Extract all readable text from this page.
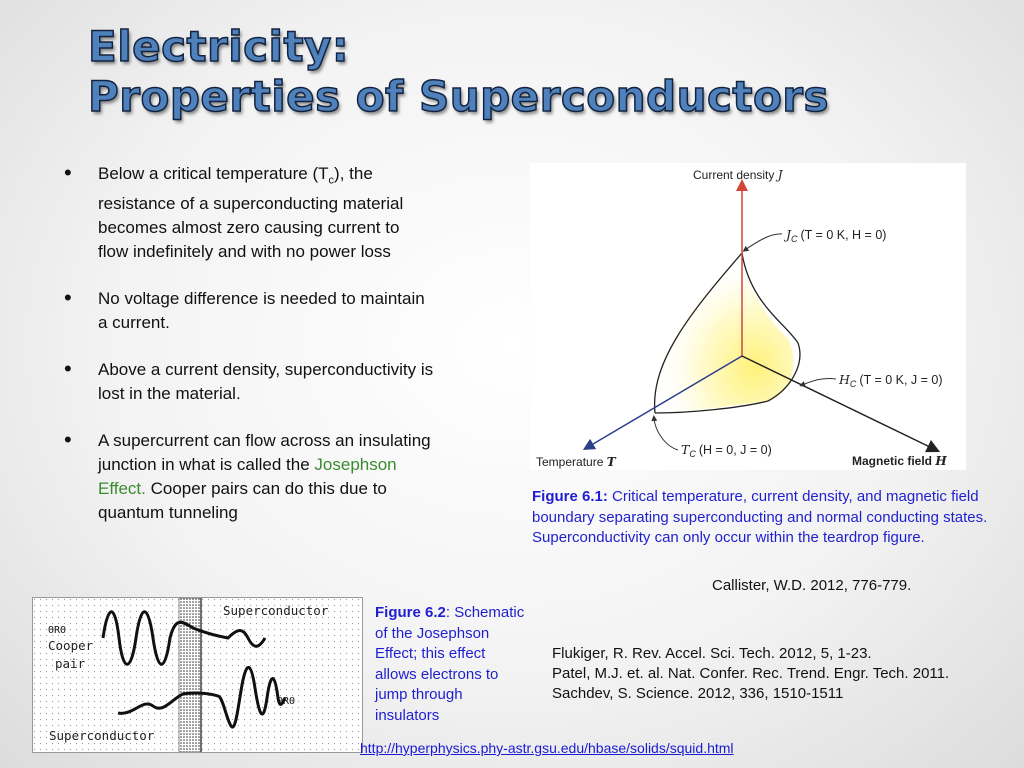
Electricity:
Properties of Superconductors
• Below a critical temperature $(T_c)$, the resistance of a superconducting material becomes almost zero causing current to flow indefinitely and with no power loss
• No voltage difference is needed to maintain a current.
• Above a current density, superconductivity is lost in the material.
• A supercurrent can flow across an insulating junction in what is called the Josephson Effect. Cooper pairs can do this due to quantum tunneling
Current density J
$J_C$ (T = 0 K, H = 0)
$H_C$ (T = 0 K, J = 0)
$T_C$ (H = 0, J = 0)
Temperature T	Magnetic field H
Figure 6.1: Critical temperature, current density, and magnetic field boundary separating superconducting and normal conducting states. Superconductivity can only occur within the teardrop figure.
Callister, W.D. 2012, 776-779.
ΘRΘ
ΘRΘ
Superconductor
Cooper
pair
Superconductor
Figure 6.2: Schematic of the Josephson Effect; this effect allows electrons to jump through insulators
Flukiger, R. Rev. Accel. Sci. Tech. 2012, 5, 1-23.
Patel, M.J. et. al. Nat. Confer. Rec. Trend. Engr. Tech. 2011.
Sachdev, S. Science. 2012, 336, 1510-1511
http://hyperphysics.phy-astr.gsu.edu/hbase/solids/squid.html
